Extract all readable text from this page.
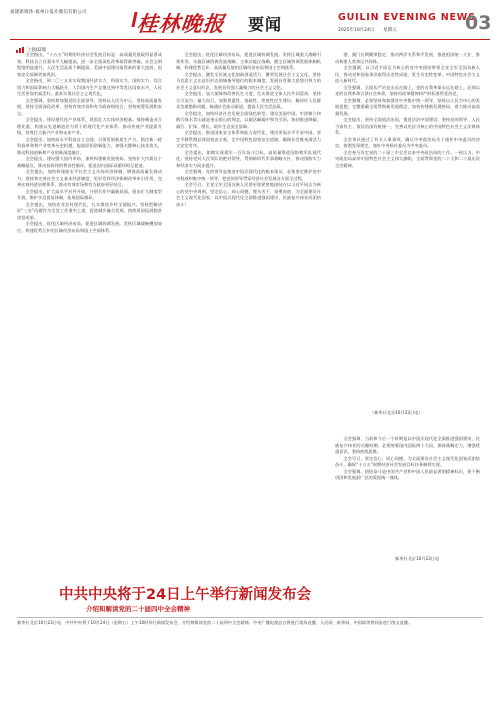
福建新媒体·福州日报社微信有限公司 桂林晚报 要闻	GUILIN EVENING NEWS
2025年10月24日 星期五	03
上接02版

全会指出，“十五五”时期的经济社会发展目标是：高质量发展取得显著成效，科技自立自强水平大幅提高，进一步全面深化改革取得新突破，社会文明程度明显提升，人民生活品质不断提高，美丽中国建设取得新的重大进展，国家安全屏障更加巩固。

全会指出，到二〇三五年实现我国经济实力、科技实力、国防实力、综合国力和国际影响力大幅跃升，人均国内生产总值达到中等发达国家水平，人民生活更加幸福美好，基本实现社会主义现代化。

全会强调，坚持和加强党的全面领导，坚持以人民为中心，坚持高质量发展，坚持全面深化改革，坚持有效市场和有为政府相结合，坚持统筹发展和安全。

全会提出，建设现代化产业体系，巩固壮大实体经济根基。保持制造业合理比重，构建以先进制造业为骨干的现代化产业体系。推动传统产业提质升级，培育壮大新兴产业和未来产业。

全会提出，加快高水平科技自立自强，引领发展新质生产力。抓住新一轮科技革命和产业变革历史机遇，提高原始创新能力，加强关键核心技术攻关，推动科技创新和产业创新深度融合。

全会提出，建设强大国内市场，加快构建新发展格局。坚持扩大内需这个战略基点，推动投资和消费良性循环，促进国内国际双循环相互促进。

全会提出，加快构建高水平社会主义市场经济体制，增强高质量发展动力。坚持和完善社会主义基本经济制度，更好发挥经济体制改革牵引作用，完善宏观经济治理体系，推动有效市场和有为政府更好结合。

全会提出，扩大高水平对外开放，开创合作共赢新局面。稳步扩大制度型开放，维护多边贸易体制，拓展国际循环。

全会提出，加快农业农村现代化，扎实推进乡村全面振兴。坚持把解决好“三农”问题作为全党工作重中之重，促进城乡融合发展，持续巩固拓展脱贫攻坚成果。

全会提出，优化区域经济布局，促进区域协调发展。发挥区域战略叠加效应，构建优势互补的区域经济布局和国土空间体系。

全会提出，优化区域经济布局，促进区域协调发展。发挥区域重大战略引领作用，实施区域协调发展战略、主体功能区战略，健全区域协调发展体制机制，构建优势互补、高质量发展的区域经济布局和国土空间体系。

全会提出，激发全民族文化创新创造活力，繁荣发展社会主义文化。坚持马克思主义在意识形态领域指导地位的根本制度，发展具有强大思想引领力的社会主义意识形态，发展具有强大凝聚力的社会主义文化。

全会提出，加大保障和改善民生力度，扎实推进全体人民共同富裕。坚持尽力而为、量力而行，加强普惠性、基础性、兜底性民生建设，解决好人民群众急难愁盼问题，畅通社会流动渠道，提高人民生活品质。

全会提出，加快经济社会发展全面绿色转型，建设美丽中国。牢固树立和践行绿水青山就是金山银山的理念，以碳达峰碳中和为引领，协同推进降碳、减污、扩绿、增长，筑牢生态安全屏障。

全会提出，推进国家安全体系和能力现代化，建设更高水平平安中国。坚定不移贯彻总体国家安全观，走中国特色国家安全道路，确保社会既充满活力又安定有序。

全会提出，如期实现建军一百年奋斗目标，高质量推进国防和军队现代化。坚持党对人民军队的绝对领导，贯彻新时代军事战略方针，推动国防实力和经济实力同步提升。

全会强调，党的领导是推进中国式现代化的根本保证。必须坚定维护党中央权威和集中统一领导，把党的领导贯穿经济社会发展各方面全过程。

全会号召，全党全军全国各族人民要更加紧密地团结在以习近平同志为核心的党中央周围，坚定信心、同心同德，埋头苦干、奋勇前进，为全面建设社会主义现代化国家、以中国式现代化全面推进强国建设、民族复兴伟业而团结奋斗！

港、澳门长期繁荣稳定，推动两岸关系和平发展、推进祖国统一大业，推动构建人类命运共同体。

全会强调，以习近平同志为核心的党中央团结带领全党全军全国各族人民，推动党和国家事业取得历史性成就、发生历史性变革，中国特色社会主义进入新时代。

全会强调，全面从严治党永远在路上，党的自我革命永远在路上。必须以党的自我革命引领社会革命，坚持用改革精神和严的标准管党治党。

全会强调，必须坚持和加强党中央集中统一领导，坚持以人民为中心的发展思想，完整准确全面贯彻新发展理念，加快构建新发展格局，着力推动高质量发展。

全会提出，坚持全面依法治国，推进法治中国建设。坚持党的领导、人民当家作主、依法治国有机统一，完善以宪法为核心的中国特色社会主义法律体系。

全会审议通过了有关人事事项，确认中央政治局关于递补中央委员的决定，按照党章规定，递补中央候补委员为中央委员。

全会充分肯定党的二十届三中全会以来中央政治局的工作。一致认为，中央政治局高举中国特色社会主义伟大旗帜，全面贯彻党的二十大和二十届历次全会精神。

（新华社北京10月23日电）

全会强调，当前和今后一个时期是以中国式现代化全面推进强国建设、民族复兴伟业的关键时期。必须统筹国内国际两个大局，保持战略定力，增强忧患意识，坚持底线思维。

全会号召，坚定信心、同心同德，为全面建设社会主义现代化国家而团结奋斗，确保“十五五”时期经济社会发展目标任务顺利实现。

全会强调，团结奋斗是中国共产党和中国人民最显著的精神标识，要不断巩固和发展最广泛的爱国统一战线。

新华社北京10月23日电
中共中央将于24日上午举行新闻发布会
介绍和解读党的二十届四中全会精神

新华社北京10月23日电　中共中央将于10月24日（星期五）上午10时举行新闻发布会，介绍和解读党的二十届四中全会精神。中央广播电视总台将进行现场直播，人民网、新华网、中国网等将同步进行图文直播。
